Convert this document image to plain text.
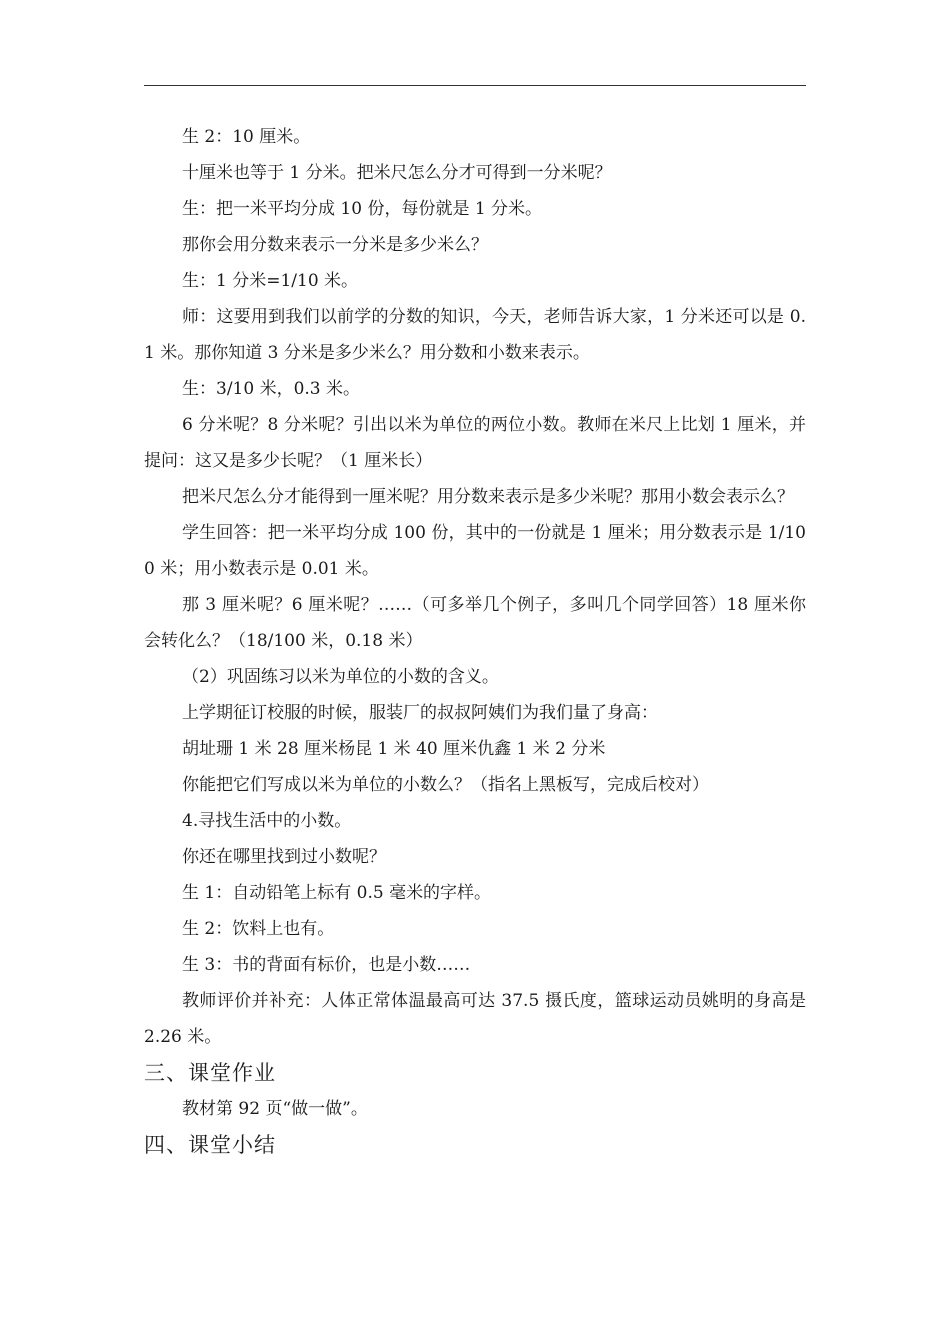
生 2：10 厘米。

十厘米也等于 1 分米。把米尺怎么分才可得到一分米呢？

生：把一米平均分成 10 份，每份就是 1 分米。

那你会用分数来表示一分米是多少米么？

生：1 分米=1/10 米。

师：这要用到我们以前学的分数的知识，今天，老师告诉大家，1 分米还可以是 0.1 米。那你知道 3 分米是多少米么？用分数和小数来表示。

生：3/10 米，0.3 米。

6 分米呢？8 分米呢？引出以米为单位的两位小数。教师在米尺上比划 1 厘米，并提问：这又是多少长呢？（1 厘米长）

把米尺怎么分才能得到一厘米呢？用分数来表示是多少米呢？那用小数会表示么？

学生回答：把一米平均分成 100 份，其中的一份就是 1 厘米；用分数表示是 1/100 米；用小数表示是 0.01 米。

那 3 厘米呢？6 厘米呢？……（可多举几个例子，多叫几个同学回答）18 厘米你会转化么？（18/100 米，0.18 米）

（2）巩固练习以米为单位的小数的含义。

上学期征订校服的时候，服装厂的叔叔阿姨们为我们量了身高：

胡址珊 1 米 28 厘米杨昆 1 米 40 厘米仇鑫 1 米 2 分米

你能把它们写成以米为单位的小数么？（指名上黑板写，完成后校对）

4.寻找生活中的小数。

你还在哪里找到过小数呢？

生 1：自动铅笔上标有 0.5 毫米的字样。

生 2：饮料上也有。

生 3：书的背面有标价，也是小数……

教师评价并补充：人体正常体温最高可达 37.5 摄氏度，篮球运动员姚明的身高是 2.26 米。

三、课堂作业

教材第 92 页“做一做”。

四、课堂小结
